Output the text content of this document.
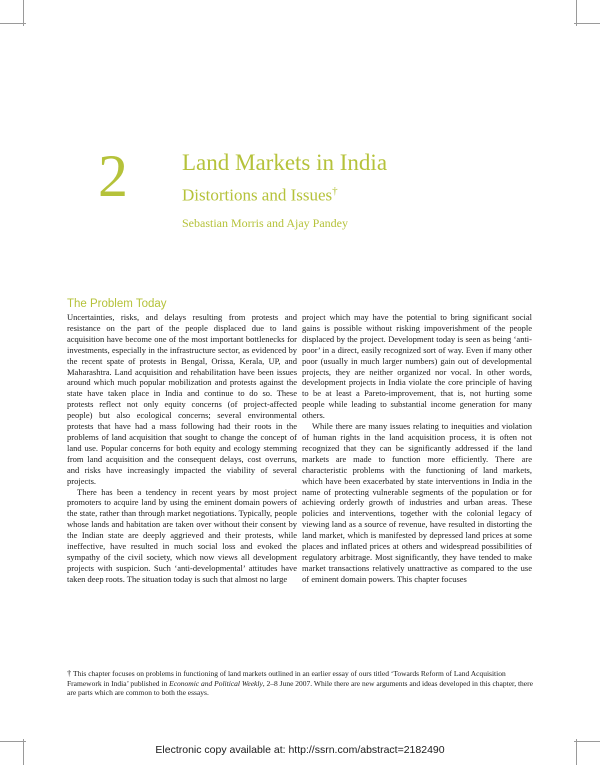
2 Land Markets in India
Distortions and Issues†
Sebastian Morris and Ajay Pandey
The Problem Today

Uncertainties, risks, and delays resulting from protests and resistance on the part of the people displaced due to land acquisition have become one of the most important bottlenecks for investments, especially in the infrastructure sector, as evidenced by the recent spate of protests in Bengal, Orissa, Kerala, UP, and Maharashtra. Land acquisition and rehabilitation have been issues around which much popular mobilization and protests against the state have taken place in India and continue to do so. These protests reflect not only equity concerns (of project-affected people) but also ecological concerns; several environmental protests that have had a mass following had their roots in the problems of land acquisition that sought to change the concept of land use. Popular concerns for both equity and ecology stemming from land acquisition and the consequent delays, cost overruns, and risks have increasingly impacted the viability of several projects.

There has been a tendency in recent years by most project promoters to acquire land by using the eminent domain powers of the state, rather than through market negotiations. Typically, people whose lands and habitation are taken over without their consent by the Indian state are deeply aggrieved and their protests, while ineffective, have resulted in much social loss and evoked the sympathy of the civil society, which now views all development projects with suspicion. Such ‘anti-developmental’ attitudes have taken deep roots. The situation today is such that almost no large

project which may have the potential to bring significant social gains is possible without risking impoverishment of the people displaced by the project. Development today is seen as being ‘anti-poor’ in a direct, easily recognized sort of way. Even if many other poor (usually in much larger numbers) gain out of developmental projects, they are neither organized nor vocal. In other words, development projects in India violate the core principle of having to be at least a Pareto-improvement, that is, not hurting some people while leading to substantial income generation for many others.

While there are many issues relating to inequities and violation of human rights in the land acquisition process, it is often not recognized that they can be significantly addressed if the land markets are made to function more efficiently. There are characteristic problems with the functioning of land markets, which have been exacerbated by state interventions in India in the name of protecting vulnerable segments of the population or for achieving orderly growth of industries and urban areas. These policies and interventions, together with the colonial legacy of viewing land as a source of revenue, have resulted in distorting the land market, which is manifested by depressed land prices at some places and inflated prices at others and widespread possibilities of regulatory arbitrage. Most significantly, they have tended to make market transactions relatively unattractive as compared to the use of eminent domain powers. This chapter focuses

† This chapter focuses on problems in functioning of land markets outlined in an earlier essay of ours titled ‘Towards Reform of Land Acquisition Framework in India’ published in Economic and Political Weekly, 2–8 June 2007. While there are new arguments and ideas developed in this chapter, there are parts which are common to both the essays.
Electronic copy available at: http://ssrn.com/abstract=2182490
